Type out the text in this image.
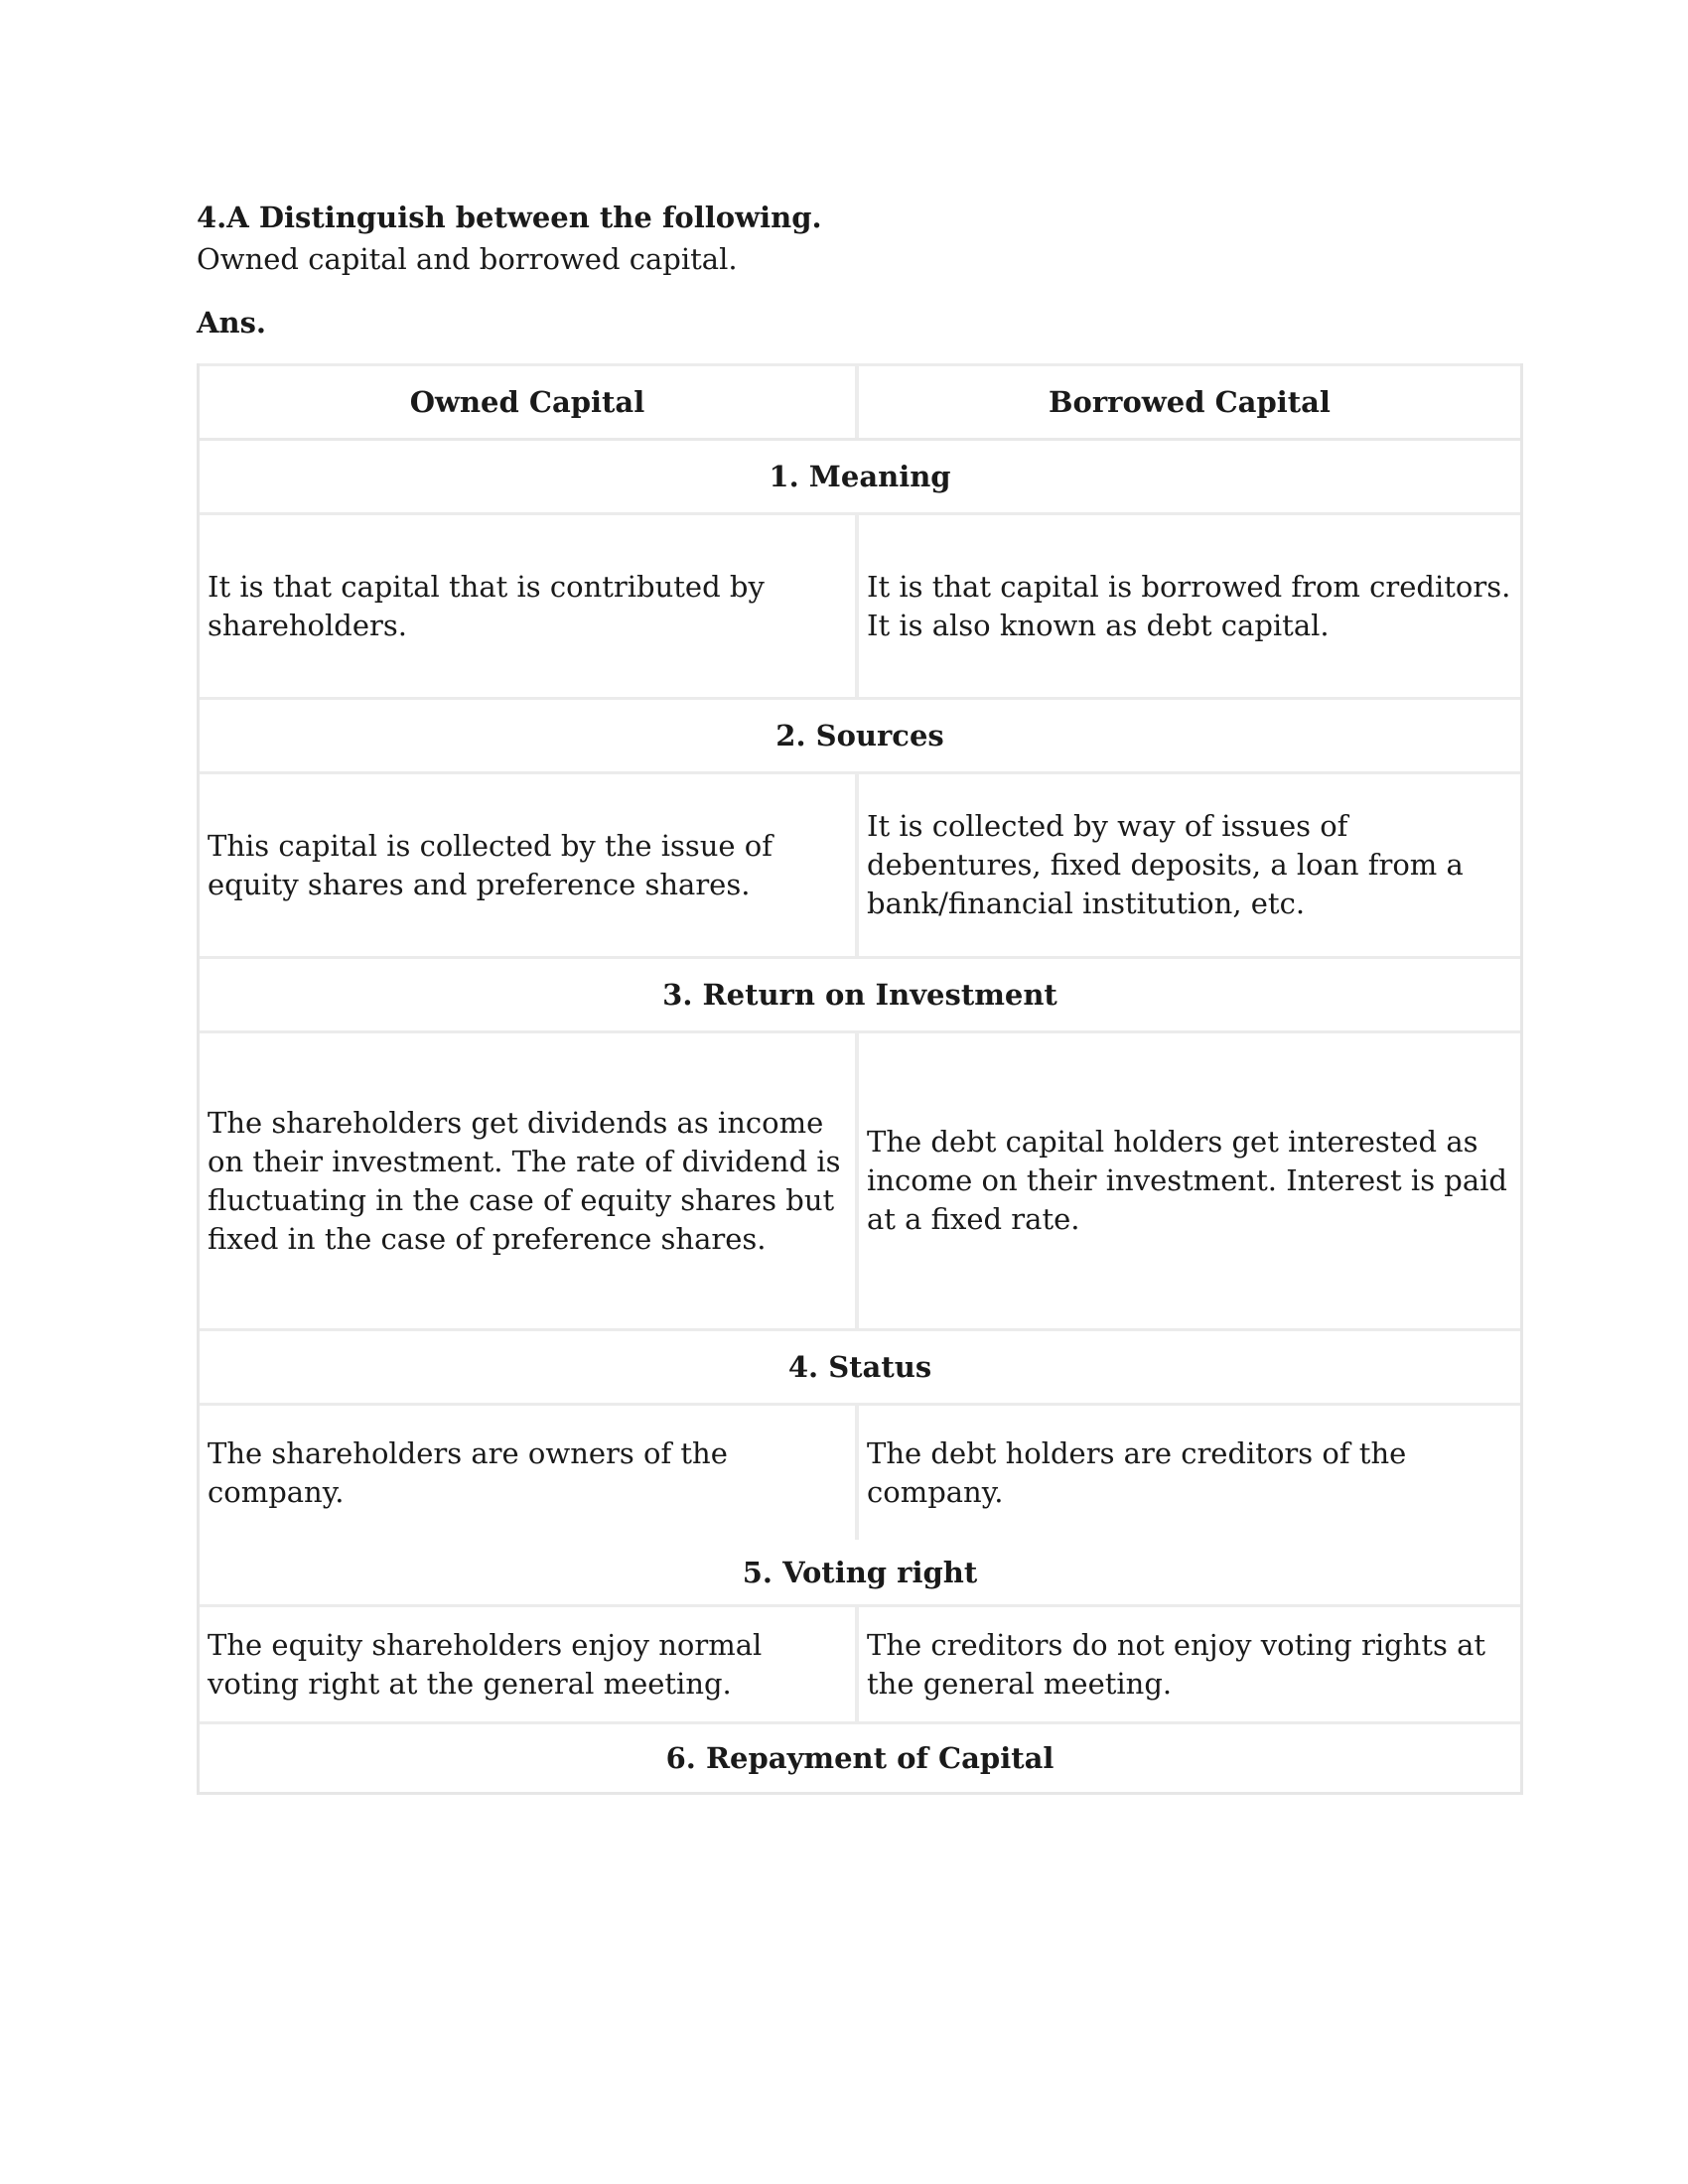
4.A Distinguish between the following.

Owned capital and borrowed capital.

Ans.

Owned Capital	Borrowed Capital
1. Meaning
It is that capital that is contributed by shareholders.
It is that capital is borrowed from creditors. It is also known as debt capital.
2. Sources
This capital is collected by the issue of equity shares and preference shares.
It is collected by way of issues of debentures, fixed deposits, a loan from a bank/financial institution, etc.
3. Return on Investment
The shareholders get dividends as income on their investment. The rate of dividend is fluctuating in the case of equity shares but fixed in the case of preference shares.
The debt capital holders get interested as income on their investment. Interest is paid at a fixed rate.
4. Status
The shareholders are owners of the company.
The debt holders are creditors of the company.
5. Voting right
The equity shareholders enjoy normal voting right at the general meeting.
The creditors do not enjoy voting rights at the general meeting.
6. Repayment of Capital
